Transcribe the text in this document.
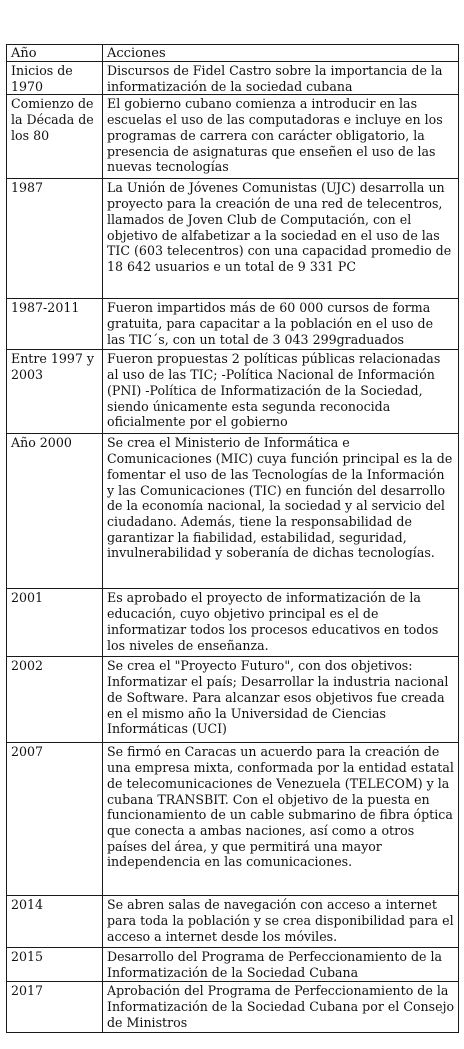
Año	Acciones
Inicios de 1970	Discursos de Fidel Castro sobre la importancia de la informatización de la sociedad cubana
Comienzo de la Década de los 80	El gobierno cubano comienza a introducir en las escuelas el uso de las computadoras e incluye en los programas de carrera con carácter obligatorio, la presencia de asignaturas que enseñen el uso de las nuevas tecnologías
1987	La Unión de Jóvenes Comunistas (UJC) desarrolla un proyecto para la creación de una red de telecentros, llamados de Joven Club de Computación, con el objetivo de alfabetizar a la sociedad en el uso de las TIC (603 telecentros) con una capacidad promedio de 18 642 usuarios e un total de 9 331 PC
1987-2011	Fueron impartidos más de 60 000 cursos de forma gratuita, para capacitar a la población en el uso de las TIC´s, con un total de 3 043 299graduados
Entre 1997 y 2003	Fueron propuestas 2 políticas públicas relacionadas al uso de las TIC; -Política Nacional de Información (PNI) -Política de Informatización de la Sociedad, siendo únicamente esta segunda reconocida oficialmente por el gobierno
Año 2000	Se crea el Ministerio de Informática e Comunicaciones (MIC) cuya función principal es la de fomentar el uso de las Tecnologías de la Información y las Comunicaciones (TIC) en función del desarrollo de la economía nacional, la sociedad y al servicio del ciudadano. Además, tiene la responsabilidad de garantizar la fiabilidad, estabilidad, seguridad, invulnerabilidad y soberanía de dichas tecnologías.
2001	Es aprobado el proyecto de informatización de la educación, cuyo objetivo principal es el de informatizar todos los procesos educativos en todos los niveles de enseñanza.
2002	Se crea el "Proyecto Futuro", con dos objetivos: Informatizar el país; Desarrollar la industria nacional de Software. Para alcanzar esos objetivos fue creada en el mismo año la Universidad de Ciencias Informáticas (UCI)
2007	Se firmó en Caracas un acuerdo para la creación de una empresa mixta, conformada por la entidad estatal de telecomunicaciones de Venezuela (TELECOM) y la cubana TRANSBIT. Con el objetivo de la puesta en funcionamiento de un cable submarino de fibra óptica que conecta a ambas naciones, así como a otros países del área, y que permitirá una mayor independencia en las comunicaciones.
2014	Se abren salas de navegación con acceso a internet para toda la población y se crea disponibilidad para el acceso a internet desde los móviles.
2015	Desarrollo del Programa de Perfeccionamiento de la Informatización de la Sociedad Cubana
2017	Aprobación del Programa de Perfeccionamiento de la Informatización de la Sociedad Cubana por el Consejo de Ministros
